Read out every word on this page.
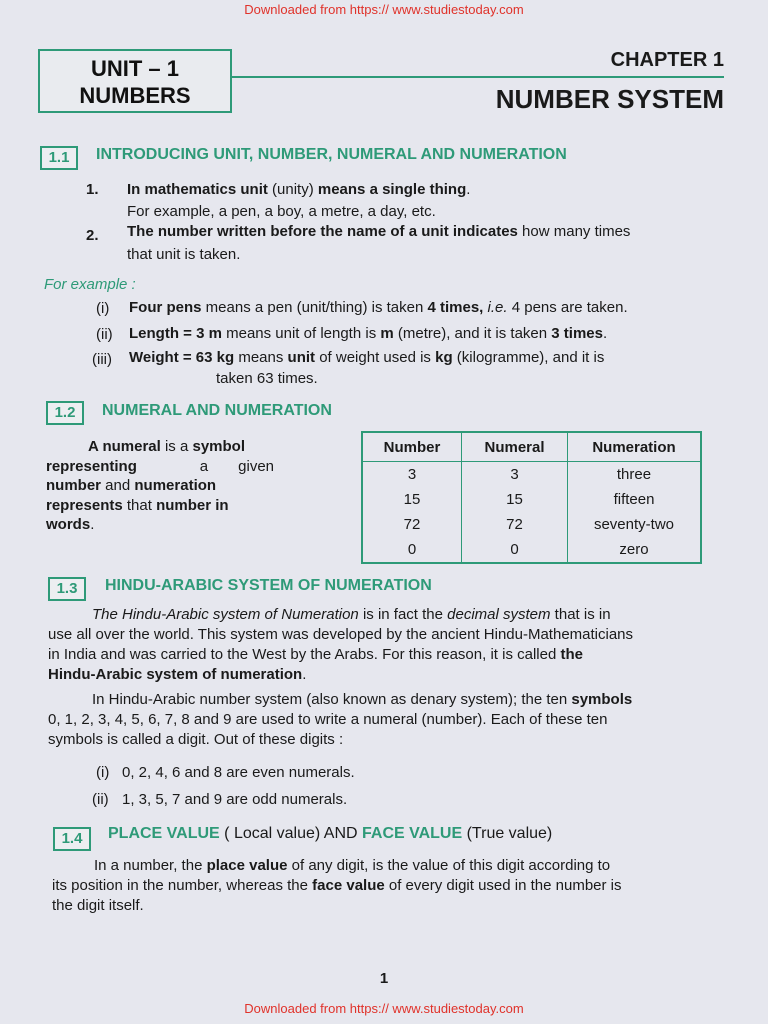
Downloaded from https:// www.studiestoday.com
UNIT – 1
NUMBERS
CHAPTER 1
NUMBER SYSTEM
1.1	INTRODUCING UNIT, NUMBER, NUMERAL AND NUMERATION
1. In mathematics unit (unity) means a single thing.
For example, a pen, a boy, a metre, a day, etc.
2. The number written before the name of a unit indicates how many times
that unit is taken.
For example :
(i) Four pens means a pen (unit/thing) is taken 4 times, i.e. 4 pens are taken.
(ii) Length = 3 m means unit of length is m (metre), and it is taken 3 times.
(iii) Weight = 63 kg means unit of weight used is kg (kilogramme), and it is
taken 63 times.
1.2	NUMERAL AND NUMERATION
A numeral is a symbol
representing	a given
number and numeration
represents that number in
words.
Number	Numeral	Numeration
3	3	three
15	15	fifteen
72	72	seventy-two
0	0	zero
1.3	HINDU-ARABIC SYSTEM OF NUMERATION
The Hindu-Arabic system of Numeration is in fact the decimal system that is in
use all over the world. This system was developed by the ancient Hindu-Mathematicians
in India and was carried to the West by the Arabs. For this reason, it is called the
Hindu-Arabic system of numeration.
In Hindu-Arabic number system (also known as denary system); the ten symbols
0, 1, 2, 3, 4, 5, 6, 7, 8 and 9 are used to write a numeral (number). Each of these ten
symbols is called a digit. Out of these digits :
(i) 0, 2, 4, 6 and 8 are even numerals.
(ii) 1, 3, 5, 7 and 9 are odd numerals.
1.4	PLACE VALUE ( Local value) AND FACE VALUE (True value)
In a number, the place value of any digit, is the value of this digit according to
its position in the number, whereas the face value of every digit used in the number is
the digit itself.
1
Downloaded from https:// www.studiestoday.com
